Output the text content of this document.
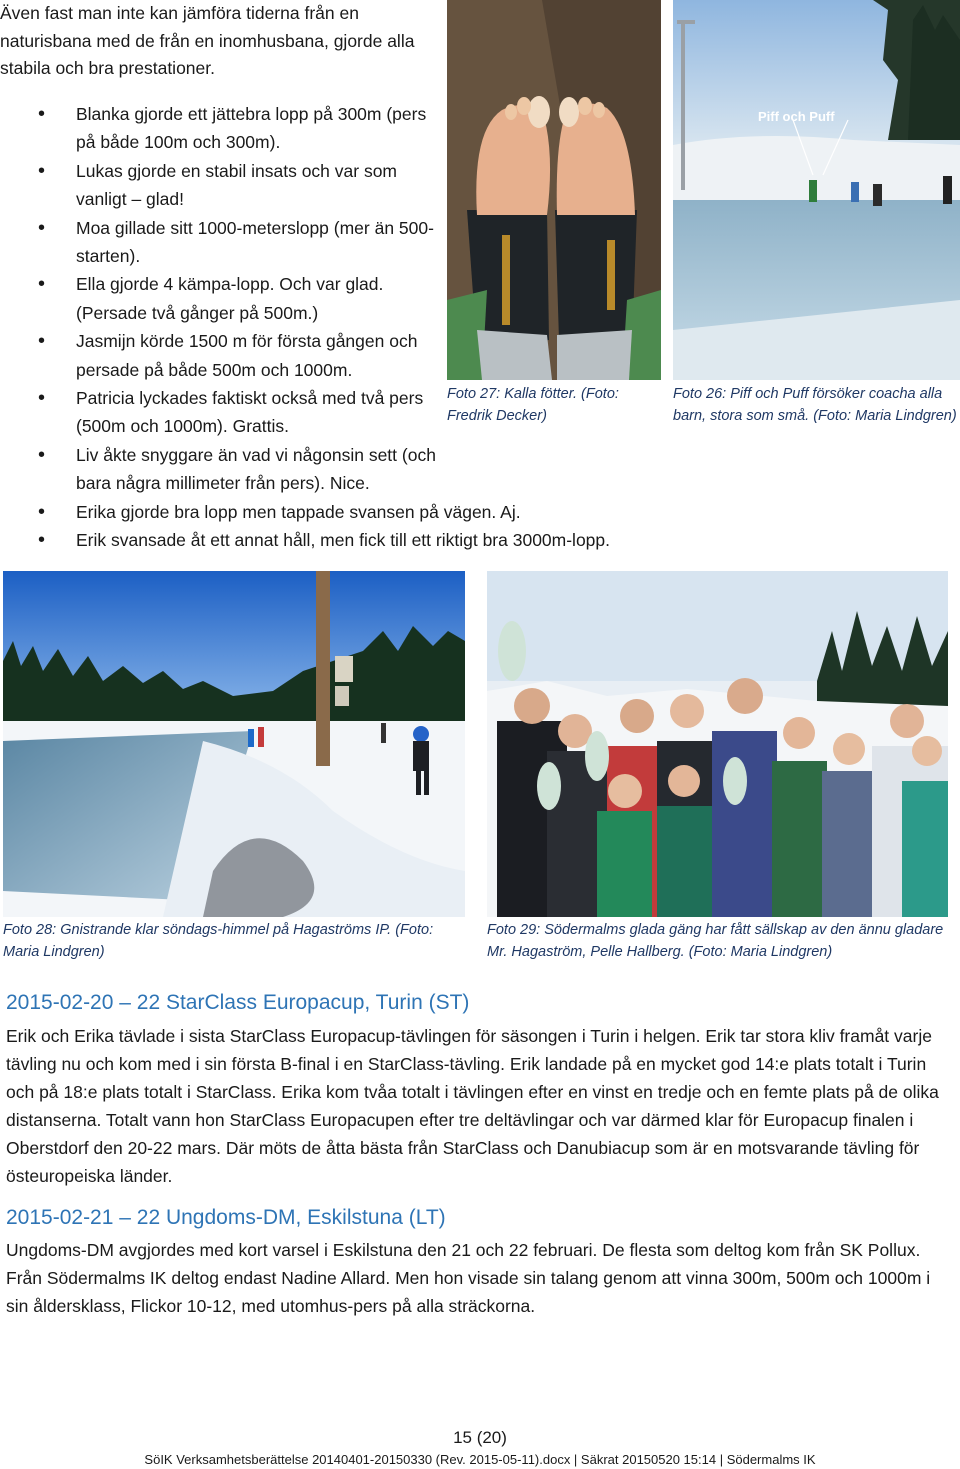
Även fast man inte kan jämföra tiderna från en naturisbana med de från en inomhusbana, gjorde alla stabila och bra prestationer.
• Blanka gjorde ett jättebra lopp på 300m (pers på både 100m och 300m).
• Lukas gjorde en stabil insats och var som vanligt – glad!
• Moa gillade sitt 1000-meterslopp (mer än 500-starten).
• Ella gjorde 4 kämpa-lopp. Och var glad. (Persade två gånger på 500m.)
• Jasmijn körde 1500 m för första gången och persade på både 500m och 1000m.
• Patricia lyckades faktiskt också med två pers (500m och 1000m). Grattis.
• Liv åkte snyggare än vad vi någonsin sett (och bara några millimeter från pers). Nice.
• Erika gjorde bra lopp men tappade svansen på vägen. Aj.
• Erik svansade åt ett annat håll, men fick till ett riktigt bra 3000m-lopp.
Foto 27: Kalla fötter. (Foto: Fredrik Decker)
Piff och Puff
Foto 26: Piff och Puff försöker coacha alla barn, stora som små. (Foto: Maria Lindgren)
Foto 28: Gnistrande klar söndags-himmel på Hagaströms IP. (Foto: Maria Lindgren)
Foto 29: Södermalms glada gäng har fått sällskap av den ännu gladare Mr. Hagaström, Pelle Hallberg. (Foto: Maria Lindgren)
2015-02-20 – 22 StarClass Europacup, Turin (ST)
Erik och Erika tävlade i sista StarClass Europacup-tävlingen för säsongen i Turin i helgen. Erik tar stora kliv framåt varje tävling nu och kom med i sin första B-final i en StarClass-tävling. Erik landade på en mycket god 14:e plats totalt i Turin och på 18:e plats totalt i StarClass. Erika kom tvåa totalt i tävlingen efter en vinst en tredje och en femte plats på de olika distanserna. Totalt vann hon StarClass Europacupen efter tre deltävlingar och var därmed klar för Europacup finalen i Oberstdorf den 20-22 mars. Där möts de åtta bästa från StarClass och Danubiacup som är en motsvarande tävling för östeuropeiska länder.
2015-02-21 – 22 Ungdoms-DM, Eskilstuna (LT)
Ungdoms-DM avgjordes med kort varsel i Eskilstuna den 21 och 22 februari. De flesta som deltog kom från SK Pollux. Från Södermalms IK deltog endast Nadine Allard. Men hon visade sin talang genom att vinna 300m, 500m och 1000m i sin åldersklass, Flickor 10-12, med utomhus-pers på alla sträckorna.
15 (20)
SöIK Verksamhetsberättelse 20140401-20150330 (Rev. 2015-05-11).docx | Säkrat 20150520 15:14 | Södermalms IK
